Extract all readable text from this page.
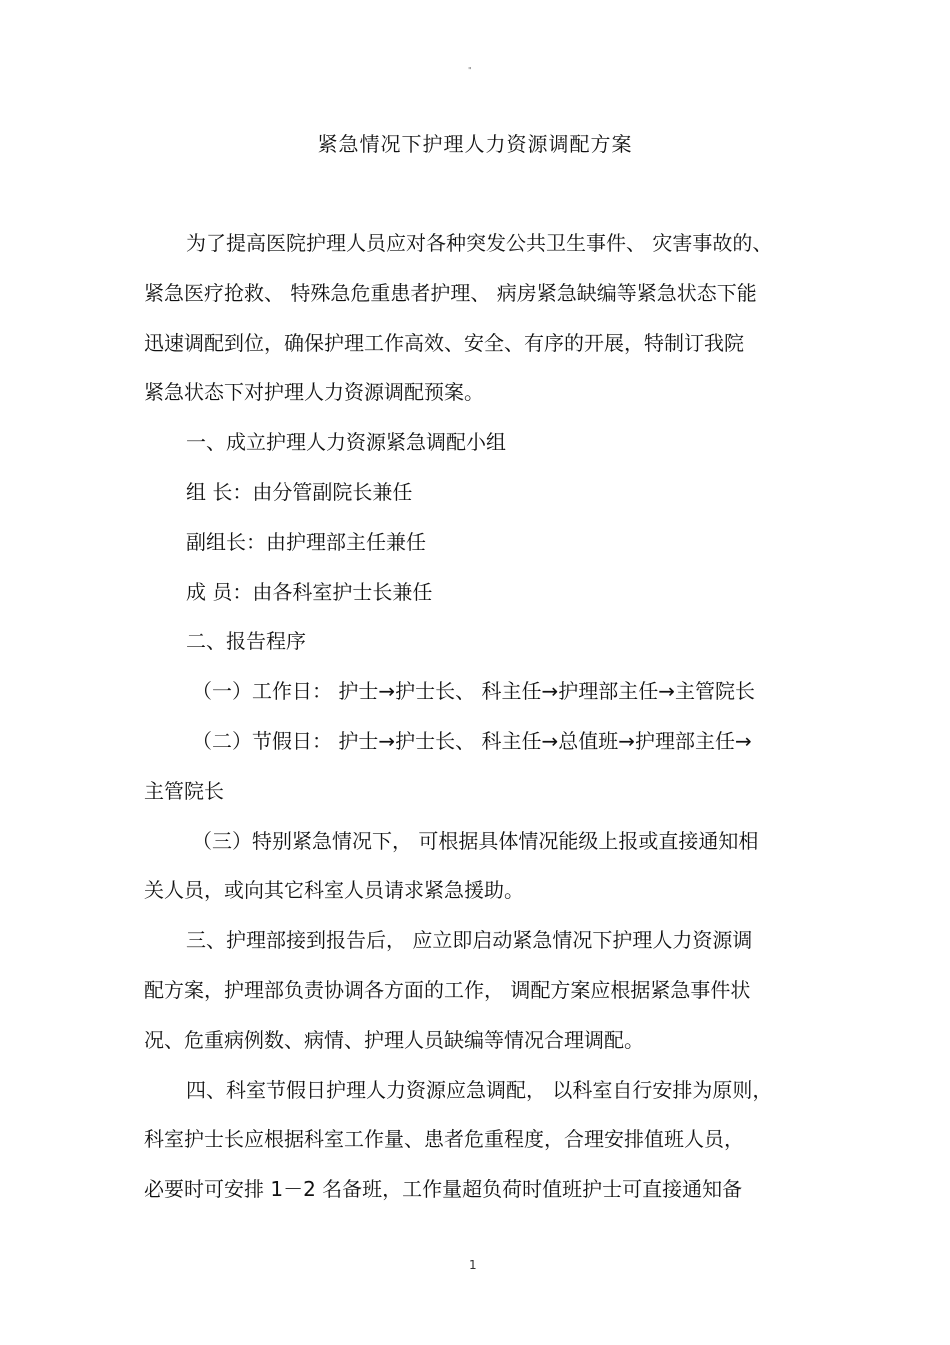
"
紧急情况下护理人力资源调配方案
为了提高医院护理人员应对各种突发公共卫生事件、 灾害事故的、
紧急医疗抢救、 特殊急危重患者护理、 病房紧急缺编等紧急状态下能
迅速调配到位，确保护理工作高效、安全、有序的开展，特制订我院
紧急状态下对护理人力资源调配预案。
一、成立护理人力资源紧急调配小组
组 长：由分管副院长兼任
副组长：由护理部主任兼任
成 员：由各科室护士长兼任
二、报告程序
（一）工作日： 护士→护士长、 科主任→护理部主任→主管院长
（二）节假日： 护士→护士长、 科主任→总值班→护理部主任→
主管院长
（三）特别紧急情况下， 可根据具体情况能级上报或直接通知相
关人员，或向其它科室人员请求紧急援助。
三、护理部接到报告后， 应立即启动紧急情况下护理人力资源调
配方案，护理部负责协调各方面的工作， 调配方案应根据紧急事件状
况、危重病例数、病情、护理人员缺编等情况合理调配。
四、科室节假日护理人力资源应急调配， 以科室自行安排为原则，
科室护士长应根据科室工作量、患者危重程度，合理安排值班人员，
必要时可安排 1－2 名备班，工作量超负荷时值班护士可直接通知备
1
